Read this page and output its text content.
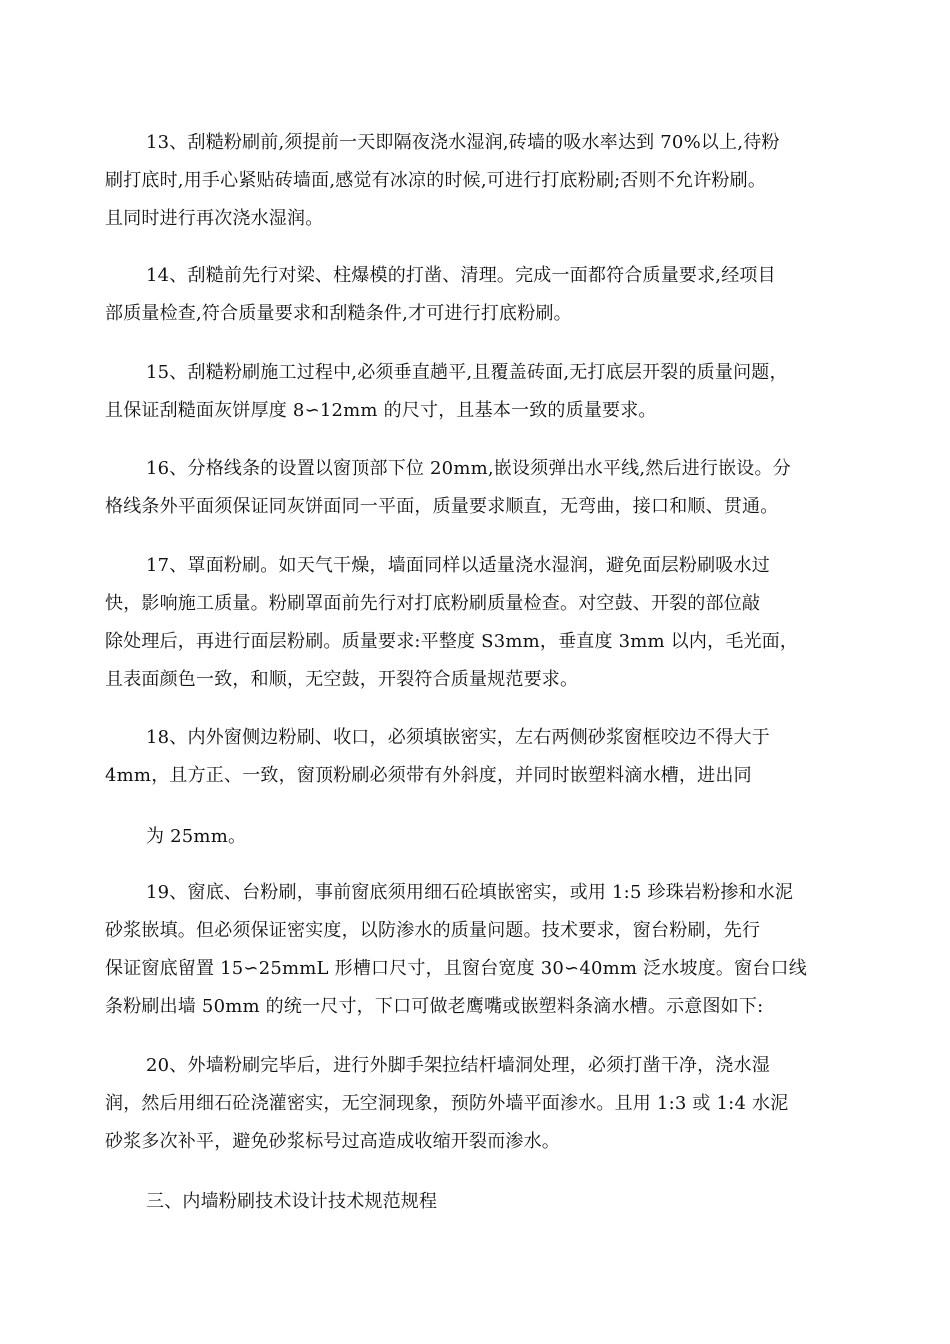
13、刮糙粉刷前,须提前一天即隔夜浇水湿润,砖墙的吸水率达到 70%以上,待粉
刷打底时,用手心紧贴砖墙面,感觉有冰凉的时候,可进行打底粉刷;否则不允许粉刷。
且同时进行再次浇水湿润。
14、刮糙前先行对梁、柱爆模的打凿、清理。完成一面都符合质量要求,经项目
部质量检查,符合质量要求和刮糙条件,才可进行打底粉刷。
15、刮糙粉刷施工过程中,必须垂直趟平,且覆盖砖面,无打底层开裂的质量问题，
且保证刮糙面灰饼厚度 8∽12mm 的尺寸，且基本一致的质量要求。
16、分格线条的设置以窗顶部下位 20mm,嵌设须弹出水平线,然后进行嵌设。分
格线条外平面须保证同灰饼面同一平面，质量要求顺直，无弯曲，接口和顺、贯通。
17、罩面粉刷。如天气干燥，墙面同样以适量浇水湿润，避免面层粉刷吸水过
快，影响施工质量。粉刷罩面前先行对打底粉刷质量检查。对空鼓、开裂的部位敲
除处理后，再进行面层粉刷。质量要求:平整度 S3mm，垂直度 3mm 以内，毛光面，
且表面颜色一致，和顺，无空鼓，开裂符合质量规范要求。
18、内外窗侧边粉刷、收口，必须填嵌密实，左右两侧砂浆窗框咬边不得大于
4mm，且方正、一致，窗顶粉刷必须带有外斜度，并同时嵌塑料滴水槽，进出同
为 25mm。
19、窗底、台粉刷，事前窗底须用细石砼填嵌密实，或用 1:5 珍珠岩粉掺和水泥
砂浆嵌填。但必须保证密实度，以防渗水的质量问题。技术要求，窗台粉刷，先行
保证窗底留置 15∽25mmL 形槽口尺寸，且窗台宽度 30∽40mm 泛水坡度。窗台口线
条粉刷出墙 50mm 的统一尺寸，下口可做老鹰嘴或嵌塑料条滴水槽。示意图如下:
20、外墙粉刷完毕后，进行外脚手架拉结杆墙洞处理，必须打凿干净，浇水湿
润，然后用细石砼浇灌密实，无空洞现象，预防外墙平面渗水。且用 1:3 或 1:4 水泥
砂浆多次补平，避免砂浆标号过高造成收缩开裂而渗水。
三、内墙粉刷技术设计技术规范规程
